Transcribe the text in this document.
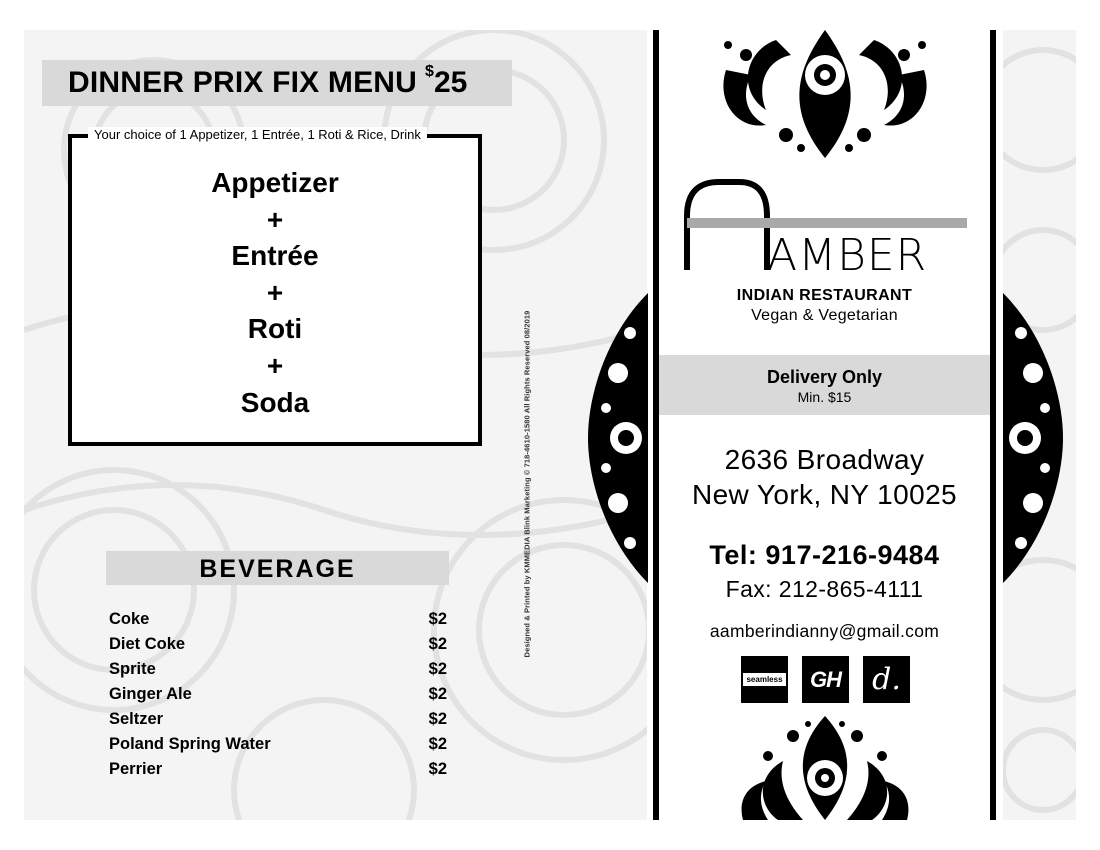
DINNER PRIX FIX MENU $ 25
Your choice of 1 Appetizer, 1 Entrée, 1 Roti & Rice, Drink
Appetizer
+
Entrée
+
Roti
+
Soda
BEVERAGE
Coke	$2
Diet Coke	$2
Sprite	$2
Ginger Ale	$2
Seltzer	$2
Poland Spring Water	$2
Perrier	$2
Designed & Printed by KMMEDIA Blink Marketing © 718-4610-1580 All Rights Reserved 08/2019
AMBER
INDIAN RESTAURANT
Vegan & Vegetarian
Delivery Only
Min. $15
2636 Broadway
New York, NY 10025
Tel: 917-216-9484
Fax: 212-865-4111
aamberindianny@gmail.com
seamless GH d.
